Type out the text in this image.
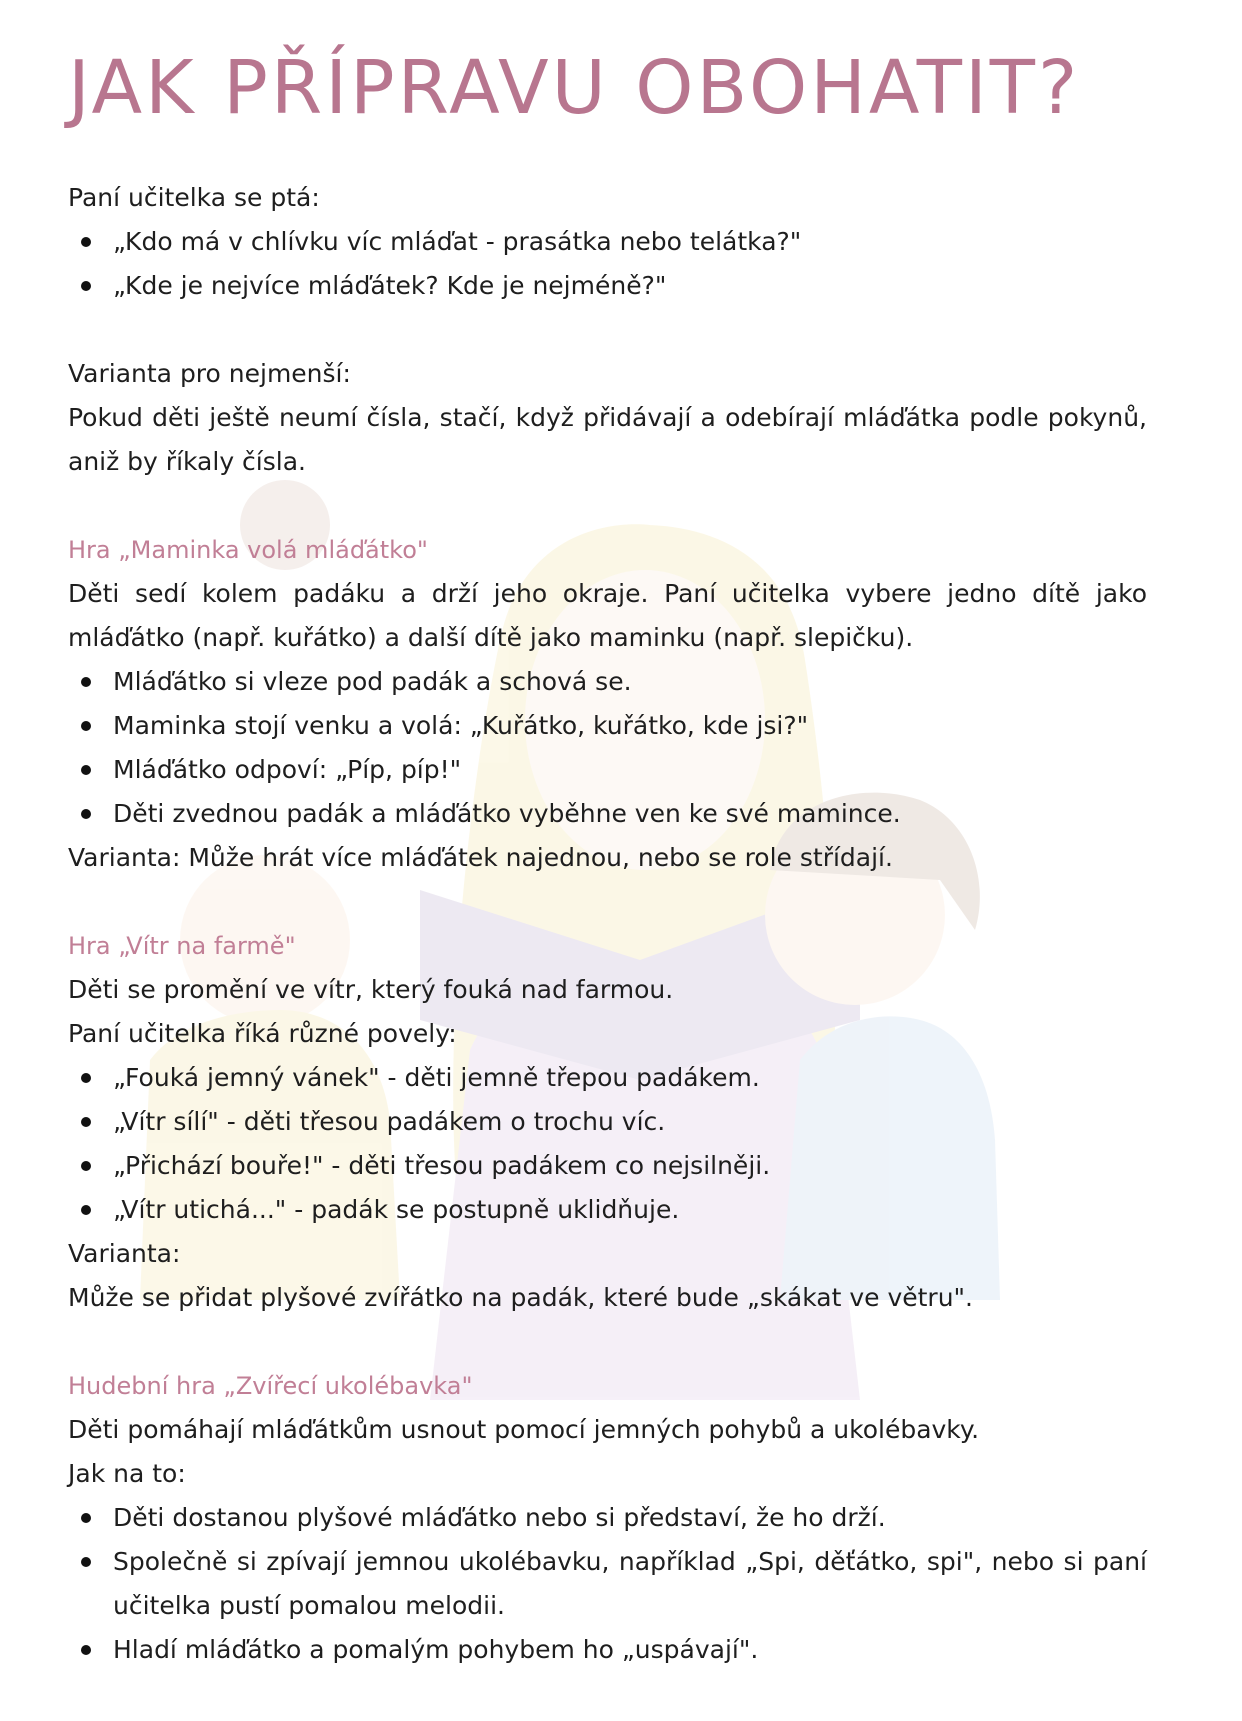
JAK PŘÍPRAVU OBOHATIT?

Paní učitelka se ptá:

„Kdo má v chlívku víc mláďat - prasátka nebo telátka?"
„Kde je nejvíce mláďátek? Kde je nejméně?"

Varianta pro nejmenší:

Pokud děti ještě neumí čísla, stačí, když přidávají a odebírají mláďátka podle pokynů, aniž by říkaly čísla.

Hra „Maminka volá mláďátko"

Děti sedí kolem padáku a drží jeho okraje. Paní učitelka vybere jedno dítě jako mláďátko (např. kuřátko) a další dítě jako maminku (např. slepičku).

Mláďátko si vleze pod padák a schová se.
Maminka stojí venku a volá: „Kuřátko, kuřátko, kde jsi?"
Mláďátko odpoví: „Píp, píp!"
Děti zvednou padák a mláďátko vyběhne ven ke své mamince.

Varianta: Může hrát více mláďátek najednou, nebo se role střídají.

Hra „Vítr na farmě"

Děti se promění ve vítr, který fouká nad farmou.

Paní učitelka říká různé povely:

„Fouká jemný vánek" - děti jemně třepou padákem.
„Vítr sílí" - děti třesou padákem o trochu víc.
„Přichází bouře!" - děti třesou padákem co nejsilněji.
„Vítr utichá..." - padák se postupně uklidňuje.

Varianta:

Může se přidat plyšové zvířátko na padák, které bude „skákat ve větru".

Hudební hra „Zvířecí ukolébavka"

Děti pomáhají mláďátkům usnout pomocí jemných pohybů a ukolébavky.

Jak na to:

Děti dostanou plyšové mláďátko nebo si představí, že ho drží.
Společně si zpívají jemnou ukolébavku, například „Spi, děťátko, spi", nebo si paní učitelka pustí pomalou melodii.
Hladí mláďátko a pomalým pohybem ho „uspávají".
